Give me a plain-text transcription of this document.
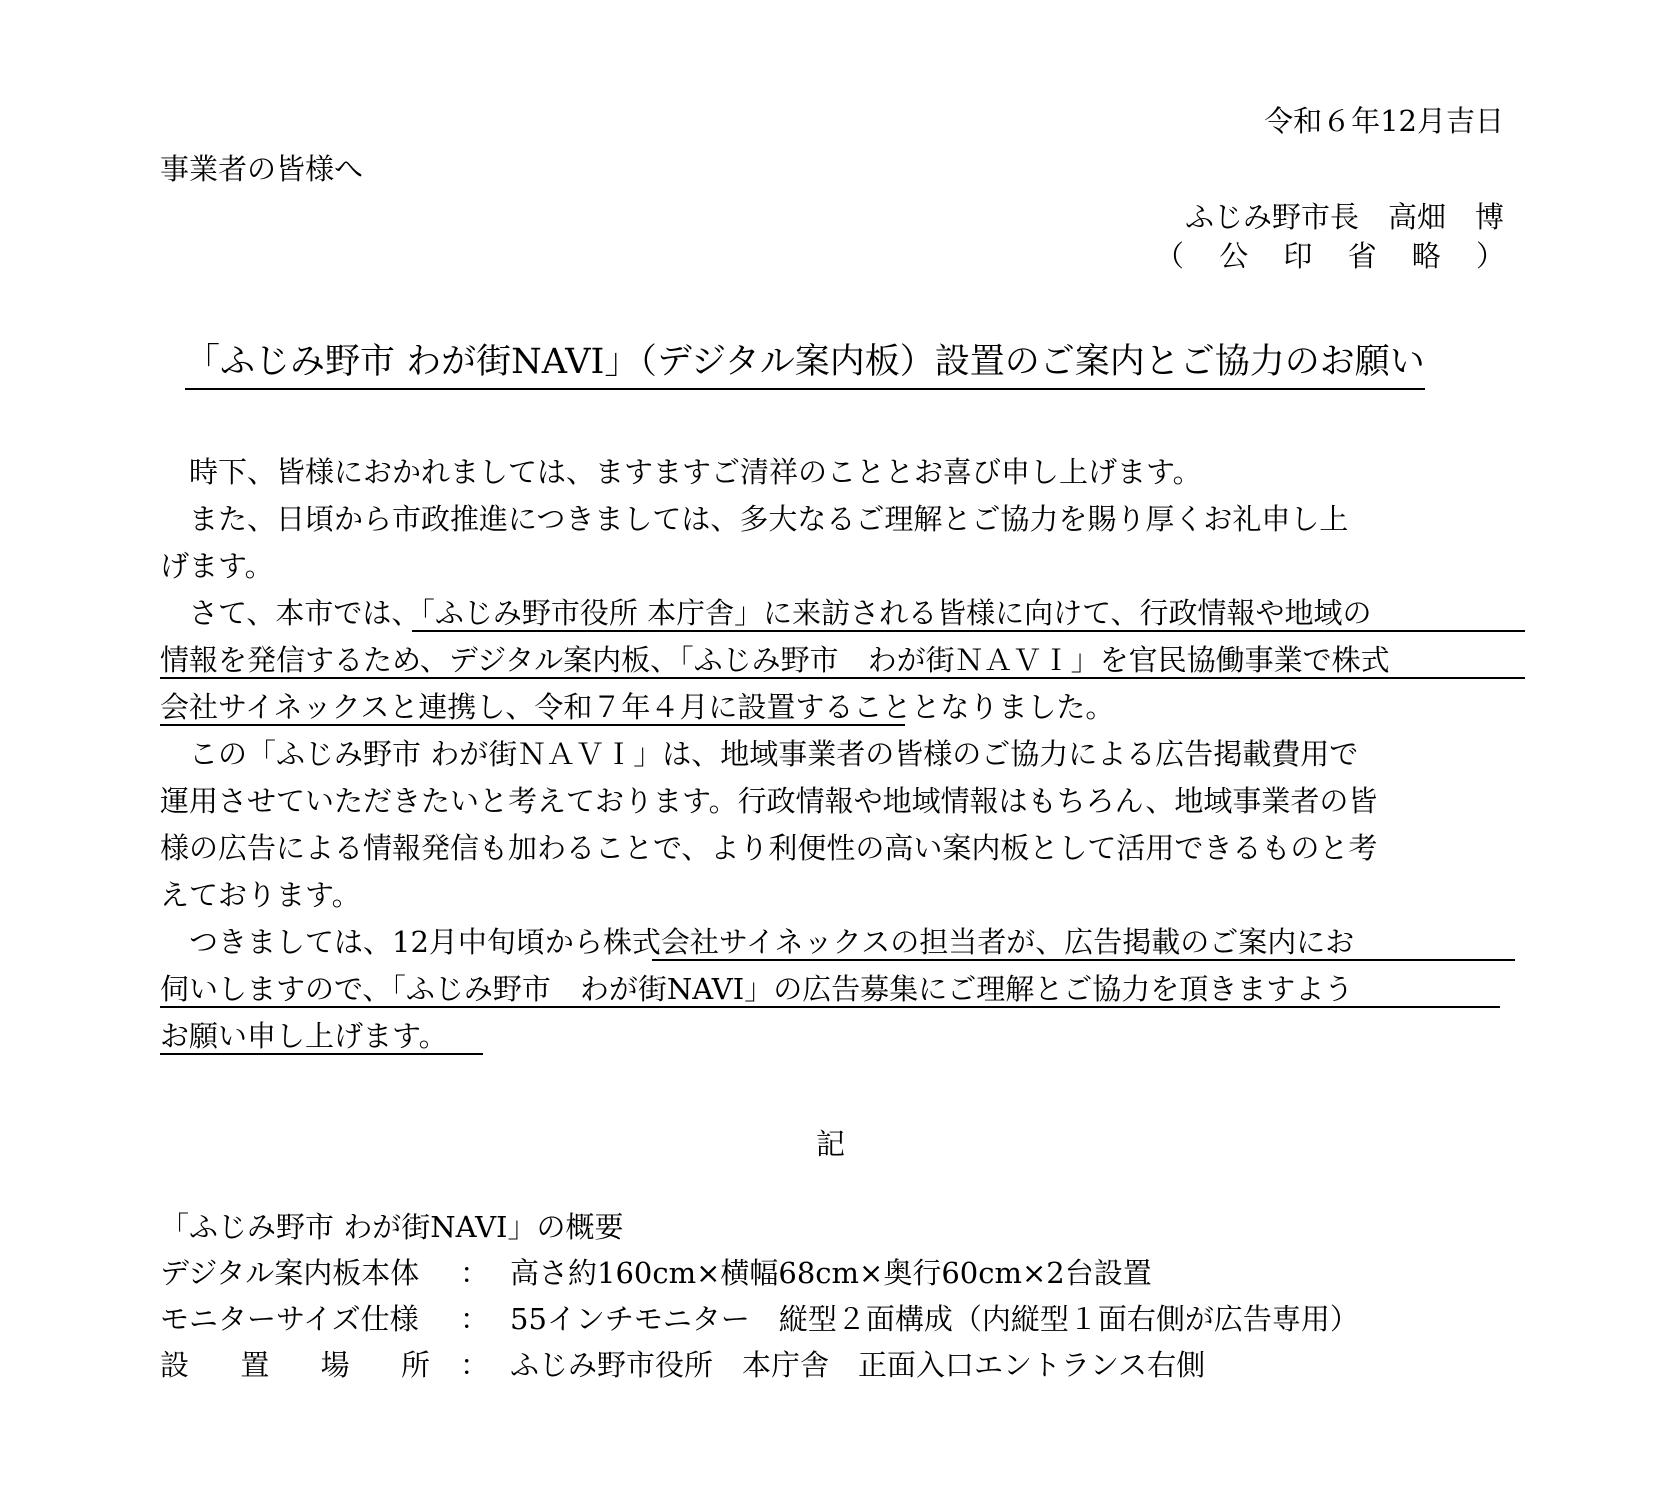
令和６年12月吉日
事業者の皆様へ
ふじみ野市長　高畑　博
（ 公 印 省 略 ）
「ふじみ野市 わが街NAVI」（デジタル案内板）設置のご案内とご協力のお願い
　時下、皆様におかれましては、ますますご清祥のこととお喜び申し上げます。
　また、日頃から市政推進につきましては、多大なるご理解とご協力を賜り厚くお礼申し上
げます。
　さて、本市では、「ふじみ野市役所 本庁舎」に来訪される皆様に向けて、行政情報や地域の
情報を発信するため、デジタル案内板、「ふじみ野市　わが街ＮＡＶＩ」を官民協働事業で株式
会社サイネックスと連携し、令和７年４月に設置することとなりました。
　この「ふじみ野市 わが街ＮＡＶＩ」は、地域事業者の皆様のご協力による広告掲載費用で
運用させていただきたいと考えております。行政情報や地域情報はもちろん、地域事業者の皆
様の広告による情報発信も加わることで、より利便性の高い案内板として活用できるものと考
えております。
　つきましては、12月中旬頃から株式会社サイネックスの担当者が、広告掲載のご案内にお
伺いしますので、「ふじみ野市　わが街NAVI」の広告募集にご理解とご協力を頂きますよう
お願い申し上げます。
記
「ふじみ野市 わが街NAVI」の概要
デジタル案内板本体	： 高さ約160cm×横幅68cm×奥行60cm×2台設置
モニターサイズ仕様	： 55インチモニター　縦型２面構成（内縦型１面右側が広告専用）
設 置 場 所 ： ふじみ野市役所　本庁舎　正面入口エントランス右側
